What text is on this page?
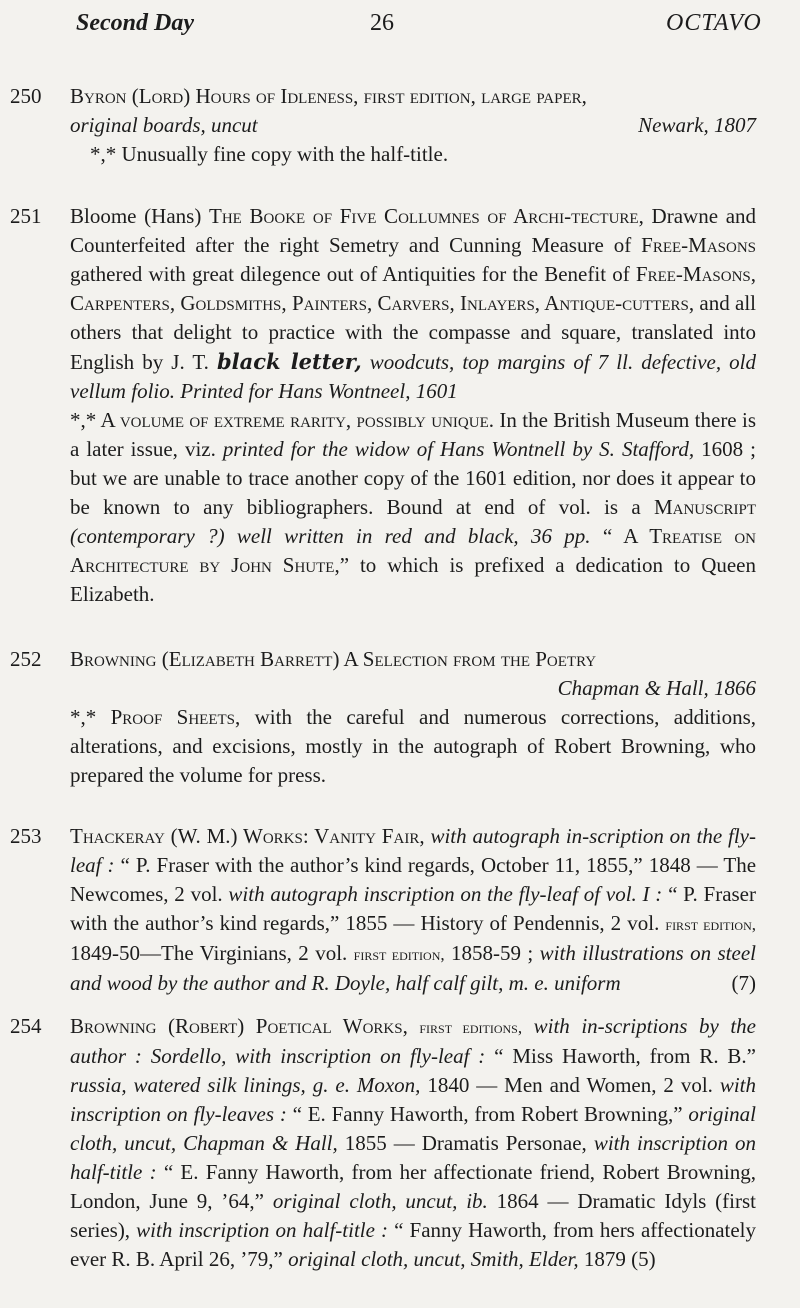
Second Day	26	OCTAVO
250 Byron (Lord) Hours of Idleness, first edition, large paper,

original boards, uncut	Newark, 1807

*,* Unusually fine copy with the half-title.

251 Bloome (Hans) The Booke of Five Collumnes of Archi-tecture, Drawne and Counterfeited after the right Semetry and Cunning Measure of Free-Masons gathered with great dilegence out of Antiquities for the Benefit of Free-Masons, Carpenters, Goldsmiths, Painters, Carvers, Inlayers, Antique-cutters, and all others that delight to practice with the compasse and square, translated into English by J. T. black letter, woodcuts, top margins of 7 ll. defective, old vellum folio. Printed for Hans Wontneel, 1601

*,* A volume of extreme rarity, possibly unique. In the British Museum there is a later issue, viz. printed for the widow of Hans Wontnell by S. Stafford, 1608 ; but we are unable to trace another copy of the 1601 edition, nor does it appear to be known to any bibliographers. Bound at end of vol. is a Manuscript (contemporary ?) well written in red and black, 36 pp. “ A Treatise on Architecture by John Shute,” to which is prefixed a dedication to Queen Elizabeth.

252 Browning (Elizabeth Barrett) A Selection from the Poetry

Chapman & Hall, 1866

*,* Proof Sheets, with the careful and numerous corrections, additions, alterations, and excisions, mostly in the autograph of Robert Browning, who prepared the volume for press.

253 Thackeray (W. M.) Works: Vanity Fair, with autograph in-scription on the fly-leaf : “ P. Fraser with the author’s kind regards, October 11, 1855,” 1848 — The Newcomes, 2 vol. with autograph inscription on the fly-leaf of vol. I : “ P. Fraser with the author’s kind regards,” 1855 — History of Pendennis, 2 vol. first edition, 1849-50—The Virginians, 2 vol. first edition, 1858-59 ; with illustrations on steel and wood by the author and R. Doyle, half calf gilt, m. e. uniform	(7)

254 Browning (Robert) Poetical Works, first editions, with in-scriptions by the author : Sordello, with inscription on fly-leaf : “ Miss Haworth, from R. B.” russia, watered silk linings, g. e. Moxon, 1840 — Men and Women, 2 vol. with inscription on fly-leaves : “ E. Fanny Haworth, from Robert Browning,” original cloth, uncut, Chapman & Hall, 1855 — Dramatis Personae, with inscription on half-title : “ E. Fanny Haworth, from her affectionate friend, Robert Browning, London, June 9, ’64,” original cloth, uncut, ib. 1864 — Dramatic Idyls (first series), with inscription on half-title : “ Fanny Haworth, from hers affectionately ever R. B. April 26, ’79,” original cloth, uncut, Smith, Elder, 1879 (5)
